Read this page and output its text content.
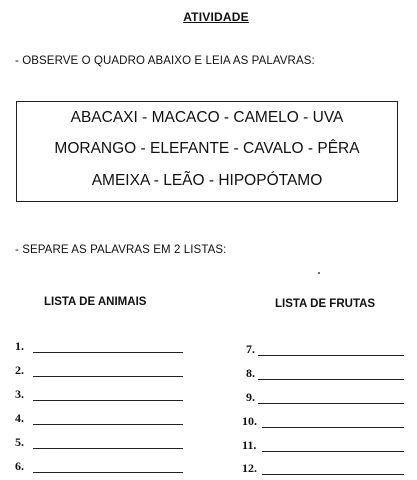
ATIVIDADE
- OBSERVE O QUADRO ABAIXO E LEIA AS PALAVRAS:
ABACAXI - MACACO - CAMELO - UVA
MORANGO - ELEFANTE - CAVALO - PÊRA
AMEIXA - LEÃO - HIPOPÓTAMO
- SEPARE AS PALAVRAS EM 2 LISTAS:
LISTA DE ANIMAIS	LISTA DE FRUTAS
1.
2.
3.
4.
5.
6.
7.
8.
9.
10.
11.
12.
